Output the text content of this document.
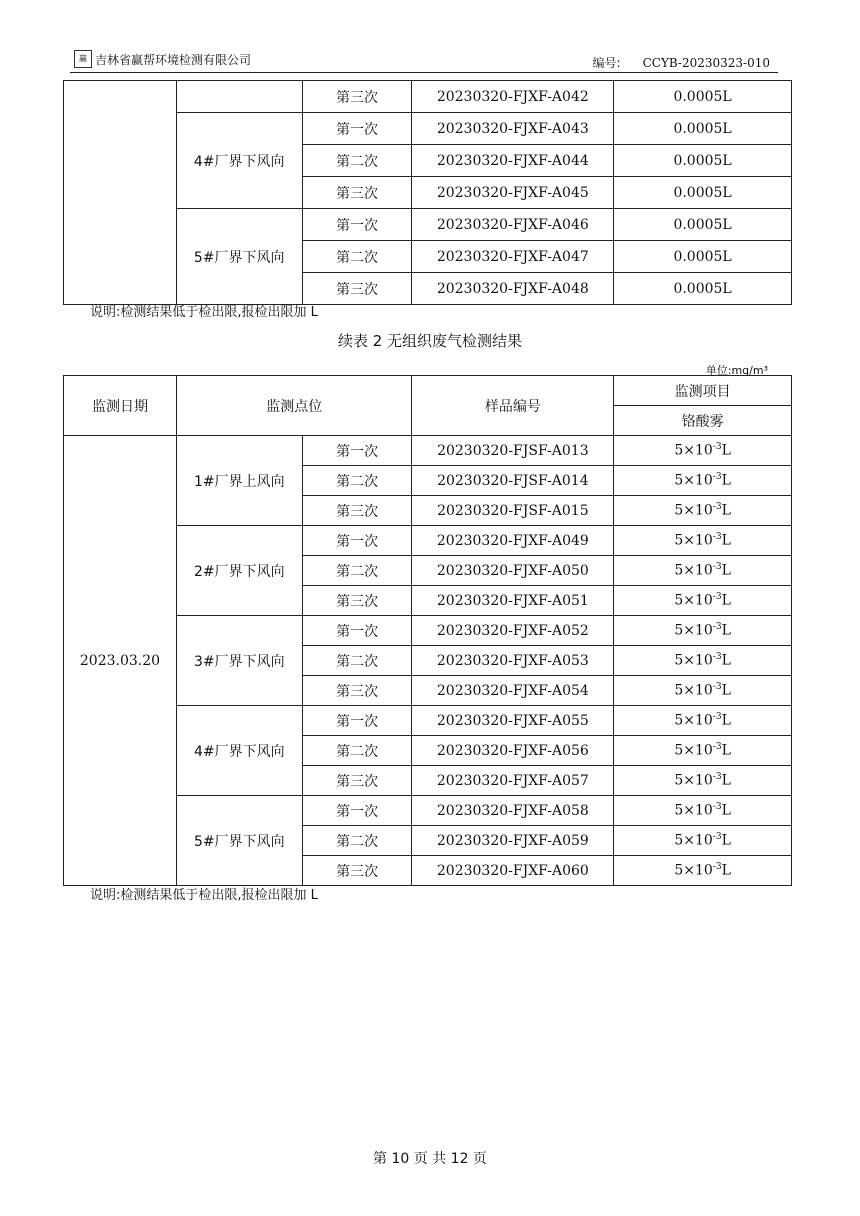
赢 吉林省赢帮环境检测有限公司	编号: CCYB-20230323-010
		第三次	20230320-FJXF-A042	0.0005L
	4#厂界下风向	第一次	20230320-FJXF-A043	0.0005L
		第二次	20230320-FJXF-A044	0.0005L
		第三次	20230320-FJXF-A045	0.0005L
	5#厂界下风向	第一次	20230320-FJXF-A046	0.0005L
		第二次	20230320-FJXF-A047	0.0005L
		第三次	20230320-FJXF-A048	0.0005L
说明:检测结果低于检出限,报检出限加 L
续表 2 无组织废气检测结果
单位:mg/m³
监测日期	监测点位		样品编号	监测项目
				铬酸雾
2023.03.20	1#厂界上风向	第一次	20230320-FJSF-A013	$5\times 10^{-3}L$
		第二次	20230320-FJSF-A014	$5\times 10^{-3}L$
		第三次	20230320-FJSF-A015	$5\times 10^{-3}L$
	2#厂界下风向	第一次	20230320-FJXF-A049	$5\times 10^{-3}L$
		第二次	20230320-FJXF-A050	$5\times 10^{-3}L$
		第三次	20230320-FJXF-A051	$5\times 10^{-3}L$
	3#厂界下风向	第一次	20230320-FJXF-A052	$5\times 10^{-3}L$
		第二次	20230320-FJXF-A053	$5\times 10^{-3}L$
		第三次	20230320-FJXF-A054	$5\times 10^{-3}L$
	4#厂界下风向	第一次	20230320-FJXF-A055	$5\times 10^{-3}L$
		第二次	20230320-FJXF-A056	$5\times 10^{-3}L$
		第三次	20230320-FJXF-A057	$5\times 10^{-3}L$
	5#厂界下风向	第一次	20230320-FJXF-A058	$5\times 10^{-3}L$
		第二次	20230320-FJXF-A059	$5\times 10^{-3}L$
		第三次	20230320-FJXF-A060	$5\times 10^{-3}L$
说明:检测结果低于检出限,报检出限加 L
第 10 页 共 12 页
